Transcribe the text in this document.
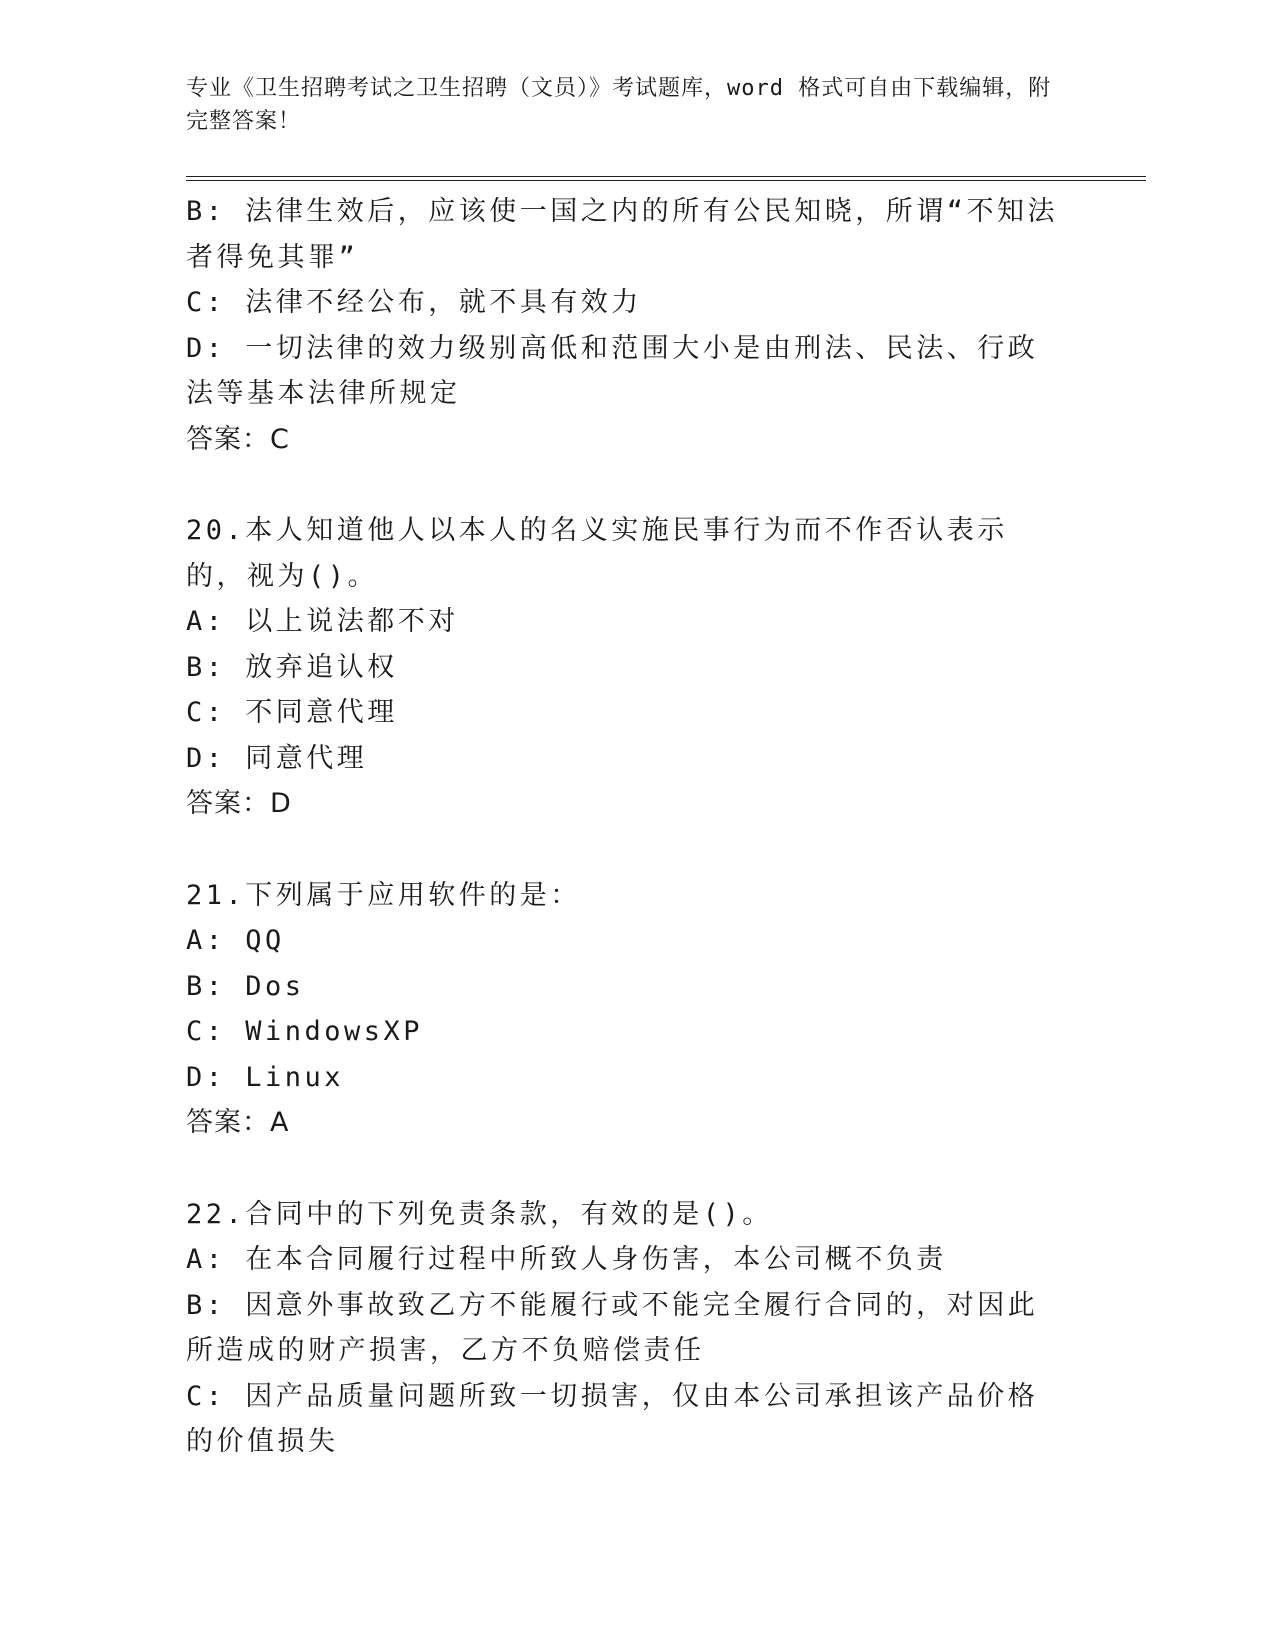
专业《卫生招聘考试之卫生招聘（文员）》考试题库，word 格式可自由下载编辑，附完整答案！
B: 法律生效后，应该使一国之内的所有公民知晓，所谓“不知法者得免其罪”
C: 法律不经公布，就不具有效力
D: 一切法律的效力级别高低和范围大小是由刑法、民法、行政法等基本法律所规定
答案：C
20.本人知道他人以本人的名义实施民事行为而不作否认表示的，视为()。
A: 以上说法都不对
B: 放弃追认权
C: 不同意代理
D: 同意代理
答案：D
21.下列属于应用软件的是：
A: QQ
B: Dos
C: WindowsXP
D: Linux
答案：A
22.合同中的下列免责条款，有效的是()。
A: 在本合同履行过程中所致人身伤害，本公司概不负责
B: 因意外事故致乙方不能履行或不能完全履行合同的，对因此所造成的财产损害，乙方不负赔偿责任
C: 因产品质量问题所致一切损害，仅由本公司承担该产品价格的价值损失
